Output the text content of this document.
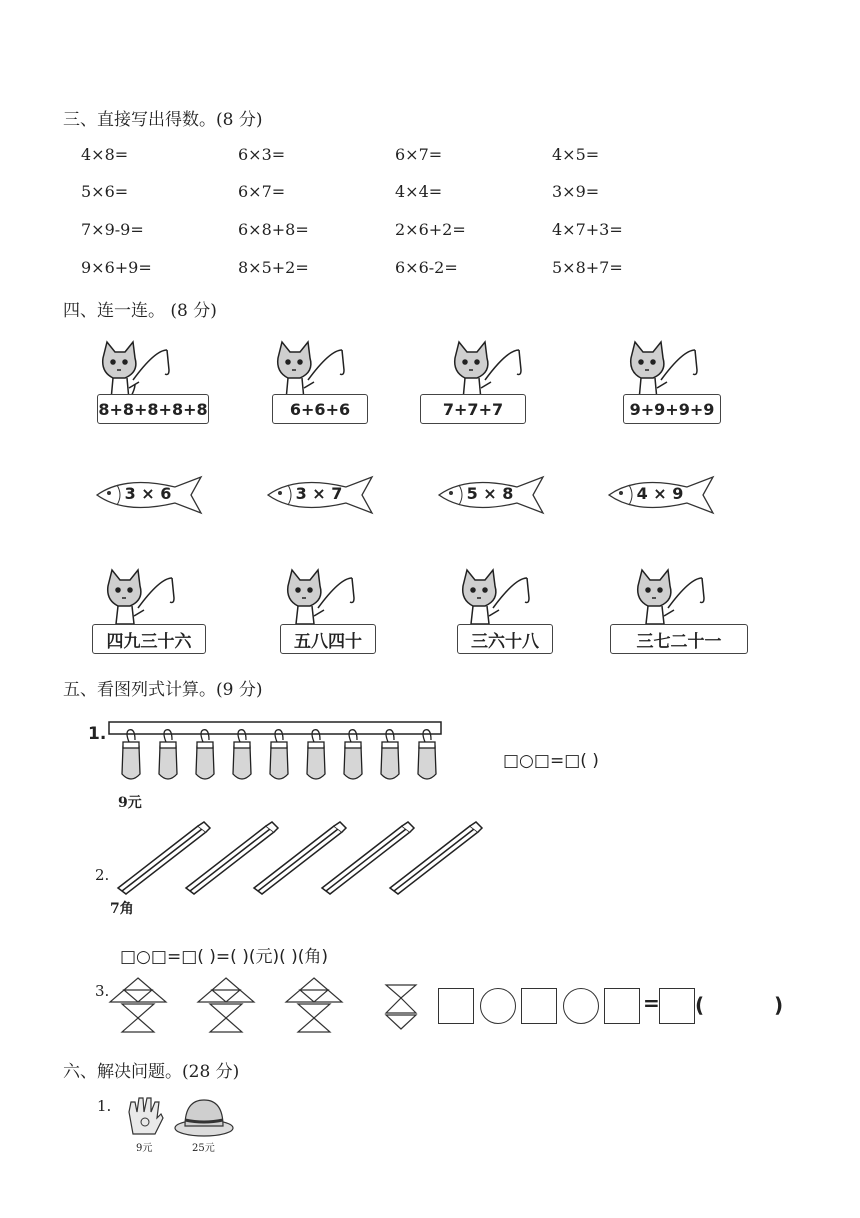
三、直接写出得数。(8 分)
4×8=	6×3=	6×7=	4×5=
5×6=	6×7=	4×4=	3×9=
7×9-9=	6×8+8=	2×6+2=	4×7+3=
9×6+9=	8×5+2=	6×6-2=	5×8+7=
四、连一连。 (8 分)
8+8+8+8+8	6+6+6	7+7+7	9+9+9+9
3 × 6	3 × 7	5 × 8	4 × 9
四九三十六	五八四十	三六十八	三七二十一
五、看图列式计算。(9 分)
1.
9元
□○□=□( )
2.
7角
□○□=□( )=( )(元)( )(角)
3.	= (	)
六、解决问题。(28 分)
1.
9元	25元
